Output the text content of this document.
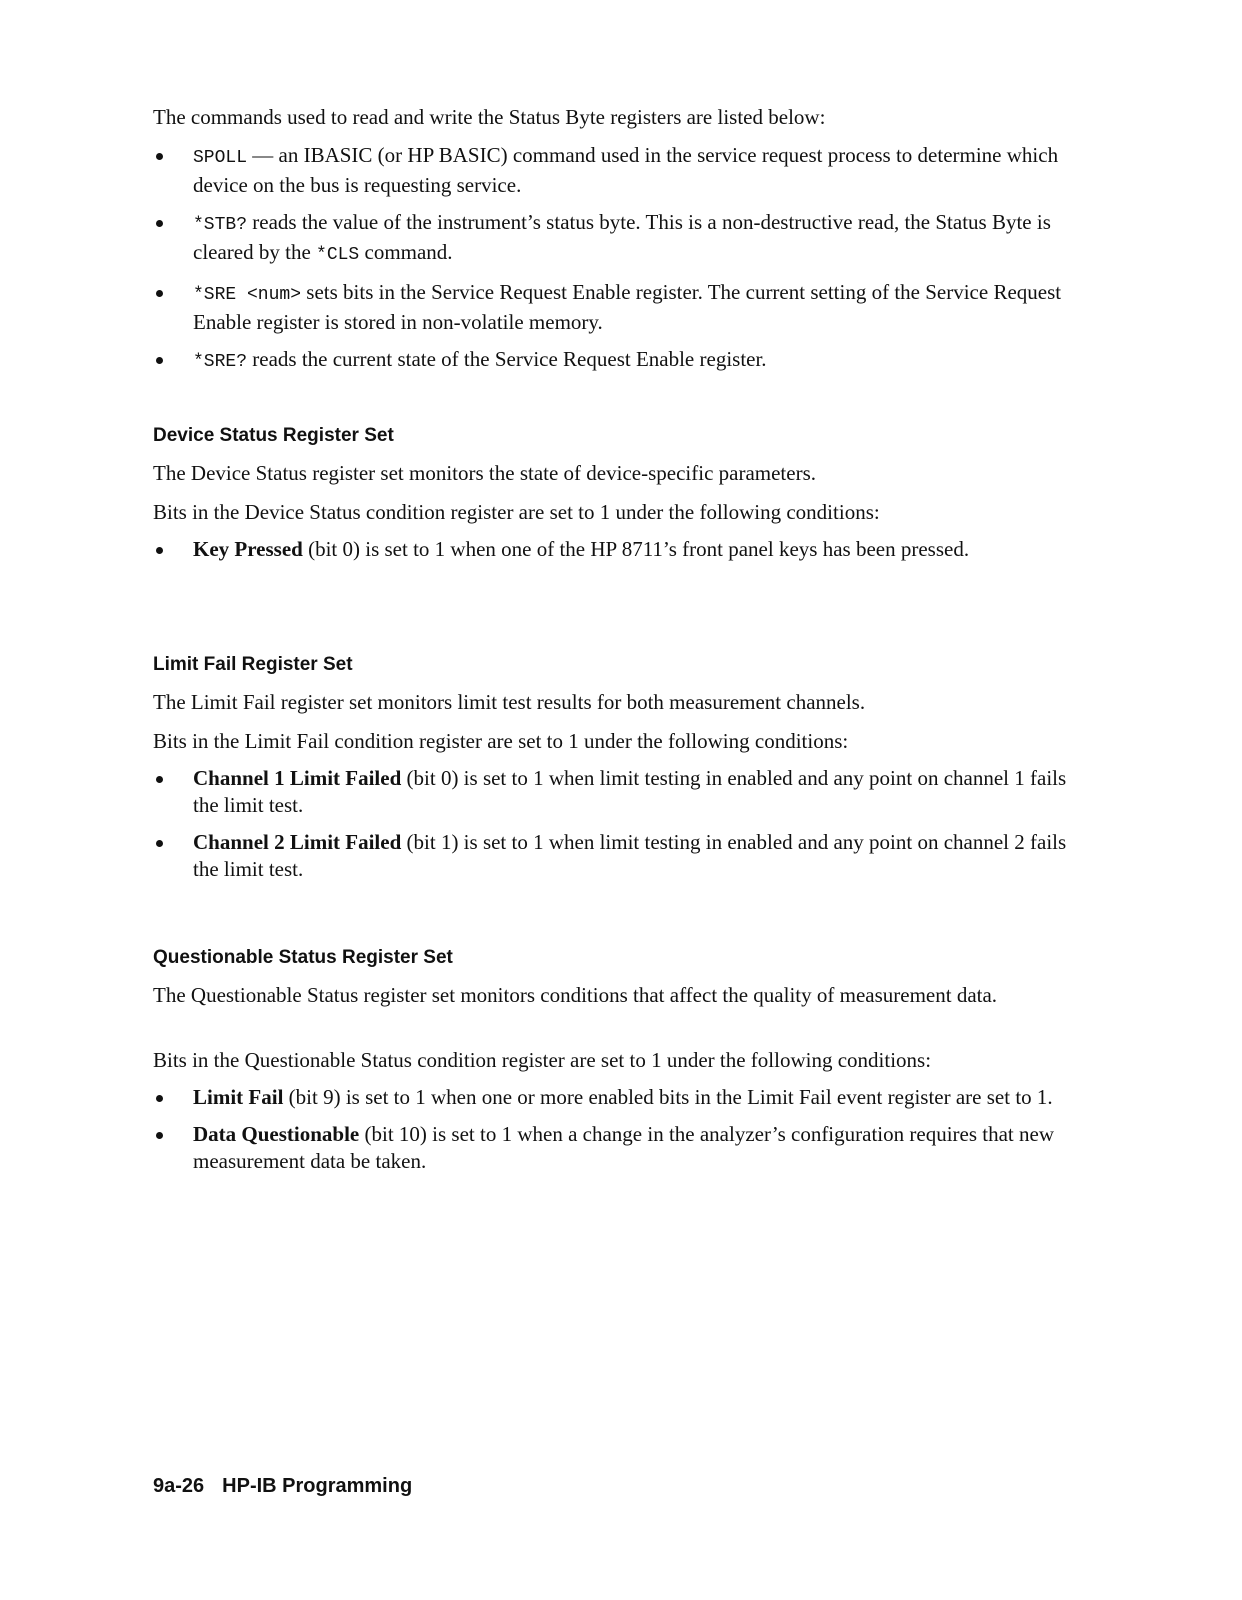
The commands used to read and write the Status Byte registers are listed below:

SPOLL — an IBASIC (or HP BASIC) command used in the service request process to determine which device on the bus is requesting service.
*STB? reads the value of the instrument’s status byte. This is a non-destructive read, the Status Byte is cleared by the *CLS command.
*SRE <num> sets bits in the Service Request Enable register. The current setting of the Service Request Enable register is stored in non-volatile memory.
*SRE? reads the current state of the Service Request Enable register.
Device Status Register Set

The Device Status register set monitors the state of device-specific parameters.

Bits in the Device Status condition register are set to 1 under the following conditions:

Key Pressed (bit 0) is set to 1 when one of the HP 8711’s front panel keys has been pressed.
Limit Fail Register Set

The Limit Fail register set monitors limit test results for both measurement channels.

Bits in the Limit Fail condition register are set to 1 under the following conditions:

Channel 1 Limit Failed (bit 0) is set to 1 when limit testing in enabled and any point on channel 1 fails the limit test.
Channel 2 Limit Failed (bit 1) is set to 1 when limit testing in enabled and any point on channel 2 fails the limit test.
Questionable Status Register Set

The Questionable Status register set monitors conditions that affect the quality of measurement data.

Bits in the Questionable Status condition register are set to 1 under the following conditions:

Limit Fail (bit 9) is set to 1 when one or more enabled bits in the Limit Fail event register are set to 1.
Data Questionable (bit 10) is set to 1 when a change in the analyzer’s configuration requires that new measurement data be taken.
9a-26 HP-IB Programming
